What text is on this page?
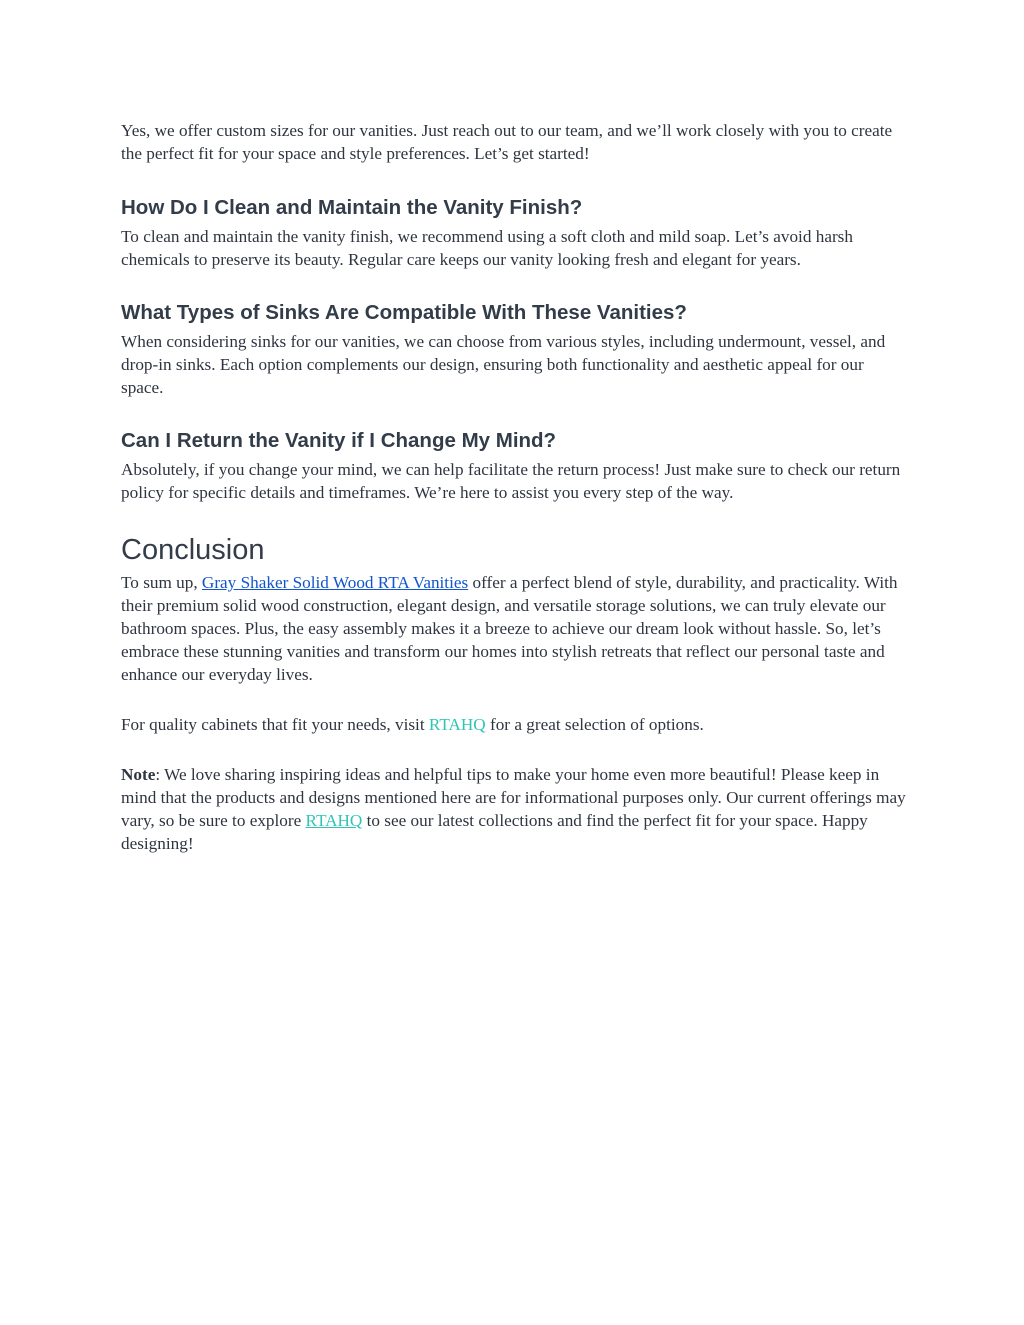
Yes, we offer custom sizes for our vanities. Just reach out to our team, and we’ll work closely with you to create the perfect fit for your space and style preferences. Let’s get started!

How Do I Clean and Maintain the Vanity Finish?

To clean and maintain the vanity finish, we recommend using a soft cloth and mild soap. Let’s avoid harsh chemicals to preserve its beauty. Regular care keeps our vanity looking fresh and elegant for years.

What Types of Sinks Are Compatible With These Vanities?

When considering sinks for our vanities, we can choose from various styles, including undermount, vessel, and drop-in sinks. Each option complements our design, ensuring both functionality and aesthetic appeal for our space.

Can I Return the Vanity if I Change My Mind?

Absolutely, if you change your mind, we can help facilitate the return process! Just make sure to check our return policy for specific details and timeframes. We’re here to assist you every step of the way.

Conclusion

To sum up, Gray Shaker Solid Wood RTA Vanities offer a perfect blend of style, durability, and practicality. With their premium solid wood construction, elegant design, and versatile storage solutions, we can truly elevate our bathroom spaces. Plus, the easy assembly makes it a breeze to achieve our dream look without hassle. So, let’s embrace these stunning vanities and transform our homes into stylish retreats that reflect our personal taste and enhance our everyday lives.

For quality cabinets that fit your needs, visit RTAHQ for a great selection of options.

Note: We love sharing inspiring ideas and helpful tips to make your home even more beautiful! Please keep in mind that the products and designs mentioned here are for informational purposes only. Our current offerings may vary, so be sure to explore RTAHQ to see our latest collections and find the perfect fit for your space. Happy designing!
